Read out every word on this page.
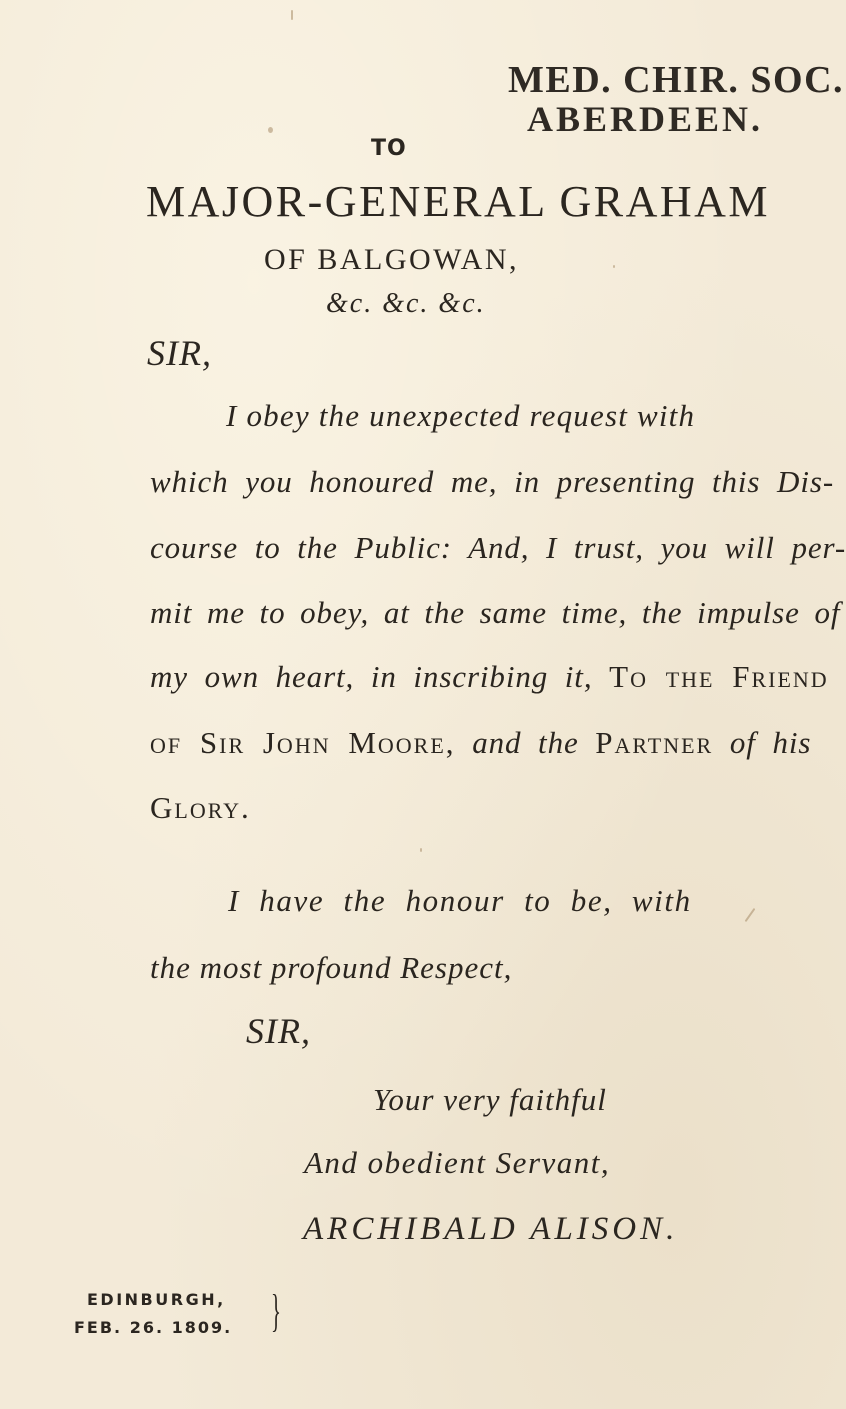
MED. CHIR. SOC.
ABERDEEN.
TO
MAJOR-GENERAL GRAHAM
OF BALGOWAN,
&c. &c. &c.
SIR,
I obey the unexpected request with
which you honoured me, in presenting this Dis-
course to the Public: And, I trust, you will per-
mit me to obey, at the same time, the impulse of
my own heart, in inscribing it, To the Friend
of Sir John Moore, and the Partner of his
Glory.
I have the honour to be, with
the most profound Respect,
SIR,
Your very faithful
And obedient Servant,
ARCHIBALD ALISON.
EDINBURGH,
FEB. 26. 1809. }
